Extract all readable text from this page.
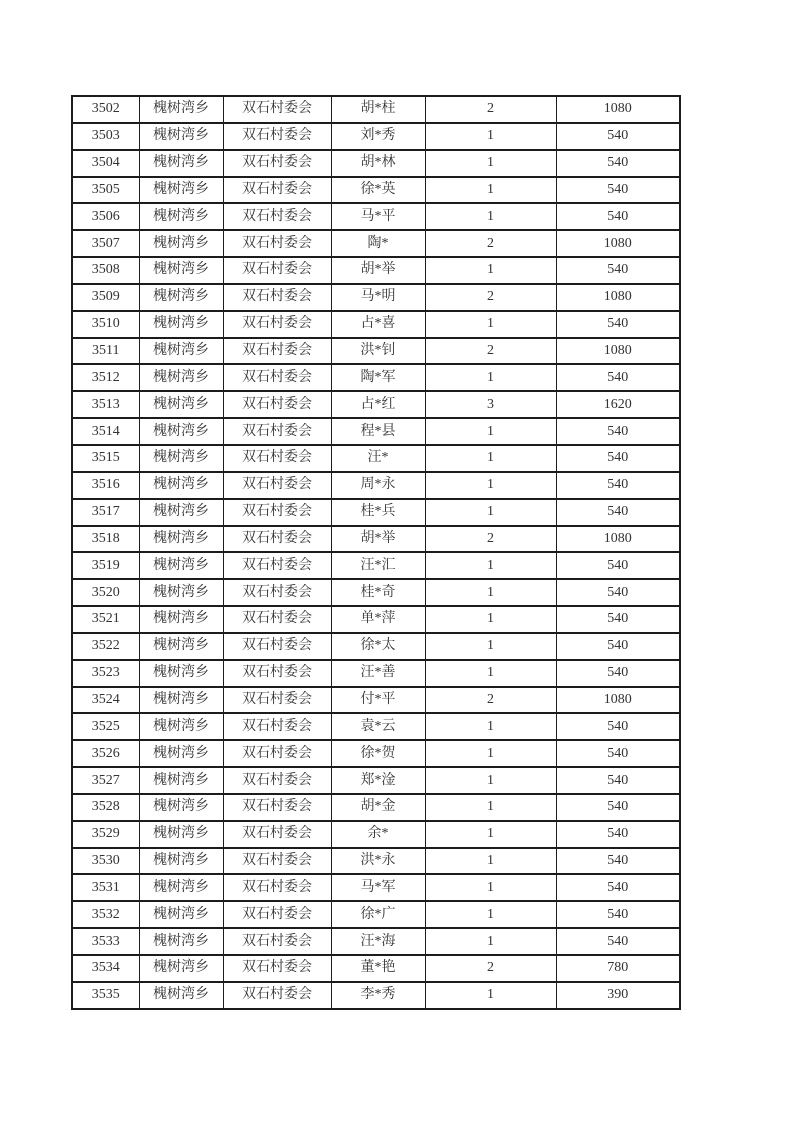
3502	槐树湾乡	双石村委会	胡*柱	2	1080
3503	槐树湾乡	双石村委会	刘*秀	1	540
3504	槐树湾乡	双石村委会	胡*林	1	540
3505	槐树湾乡	双石村委会	徐*英	1	540
3506	槐树湾乡	双石村委会	马*平	1	540
3507	槐树湾乡	双石村委会	陶*	2	1080
3508	槐树湾乡	双石村委会	胡*举	1	540
3509	槐树湾乡	双石村委会	马*明	2	1080
3510	槐树湾乡	双石村委会	占*喜	1	540
3511	槐树湾乡	双石村委会	洪*钊	2	1080
3512	槐树湾乡	双石村委会	陶*军	1	540
3513	槐树湾乡	双石村委会	占*红	3	1620
3514	槐树湾乡	双石村委会	程*县	1	540
3515	槐树湾乡	双石村委会	汪*	1	540
3516	槐树湾乡	双石村委会	周*永	1	540
3517	槐树湾乡	双石村委会	桂*兵	1	540
3518	槐树湾乡	双石村委会	胡*举	2	1080
3519	槐树湾乡	双石村委会	汪*汇	1	540
3520	槐树湾乡	双石村委会	桂*奇	1	540
3521	槐树湾乡	双石村委会	单*萍	1	540
3522	槐树湾乡	双石村委会	徐*太	1	540
3523	槐树湾乡	双石村委会	汪*善	1	540
3524	槐树湾乡	双石村委会	付*平	2	1080
3525	槐树湾乡	双石村委会	袁*云	1	540
3526	槐树湾乡	双石村委会	徐*贺	1	540
3527	槐树湾乡	双石村委会	郑*淦	1	540
3528	槐树湾乡	双石村委会	胡*金	1	540
3529	槐树湾乡	双石村委会	余*	1	540
3530	槐树湾乡	双石村委会	洪*永	1	540
3531	槐树湾乡	双石村委会	马*军	1	540
3532	槐树湾乡	双石村委会	徐*广	1	540
3533	槐树湾乡	双石村委会	汪*海	1	540
3534	槐树湾乡	双石村委会	董*艳	2	780
3535	槐树湾乡	双石村委会	李*秀	1	390
